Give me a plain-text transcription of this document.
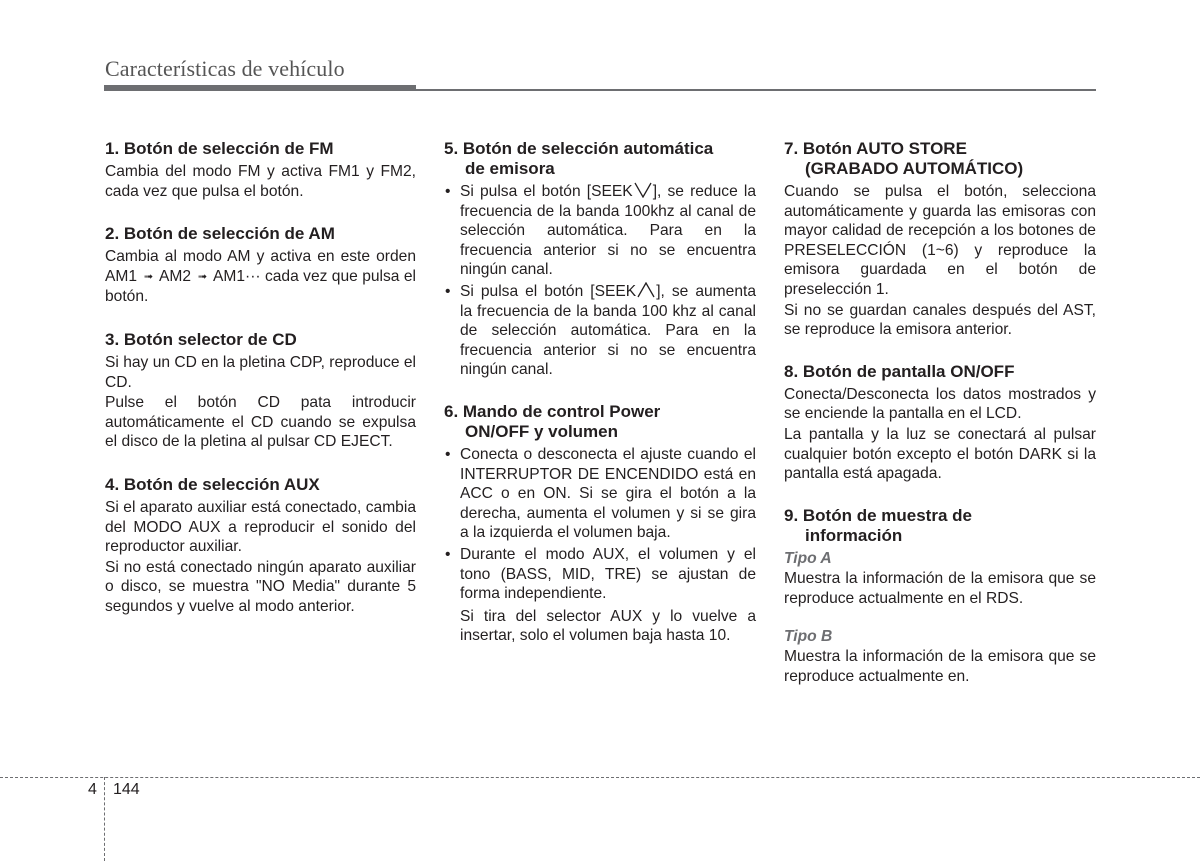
Características de vehículo

1. Botón de selección de FM

Cambia del modo FM y activa FM1 y FM2, cada vez que pulsa el botón.

2. Botón de selección de AM

Cambia al modo AM y activa en este orden AM1 ➟ AM2 ➟ AM1··· cada vez que pulsa el botón.

3. Botón selector de CD

Si hay un CD en la pletina CDP, reproduce el CD.

Pulse el botón CD pata introducir automáticamente el CD cuando se expulsa el disco de la pletina al pulsar CD EJECT.

4. Botón de selección AUX

Si el aparato auxiliar está conectado, cambia del MODO AUX a reproducir el sonido del reproductor auxiliar.

Si no está conectado ningún aparato auxiliar o disco, se muestra "NO Media" durante 5 segundos y vuelve al modo anterior.

5. Botón de selección automática
de emisora

• Si pulsa el botón [SEEK ], se reduce la frecuencia de la banda 100khz al canal de selección automática. Para en la frecuencia anterior si no se encuentra ningún canal.
• Si pulsa el botón [SEEK ], se aumenta la frecuencia de la banda 100 khz al canal de selección automática. Para en la frecuencia anterior si no se encuentra ningún canal.

6. Mando de control Power
ON/OFF y volumen

• Conecta o desconecta el ajuste cuando el INTERRUPTOR DE ENCENDIDO está en ACC o en ON. Si se gira el botón a la derecha, aumenta el volumen y si se gira a la izquierda el volumen baja.
• Durante el modo AUX, el volumen y el tono (BASS, MID, TRE) se ajustan de forma independiente.
Si tira del selector AUX y lo vuelve a insertar, solo el volumen baja hasta 10.

7. Botón AUTO STORE
(GRABADO AUTOMÁTICO)

Cuando se pulsa el botón, selecciona automáticamente y guarda las emisoras con mayor calidad de recepción a los botones de PRESELECCIÓN (1~6) y reproduce la emisora guardada en el botón de preselección 1.

Si no se guardan canales después del AST, se reproduce la emisora anterior.

8. Botón de pantalla ON/OFF

Conecta/Desconecta los datos mostrados y se enciende la pantalla en el LCD.

La pantalla y la luz se conectará al pulsar cualquier botón excepto el botón DARK si la pantalla está apagada.

9. Botón de muestra de
información

Tipo A

Muestra la información de la emisora que se reproduce actualmente en el RDS.

Tipo B

Muestra la información de la emisora que se reproduce actualmente en.

4 144
